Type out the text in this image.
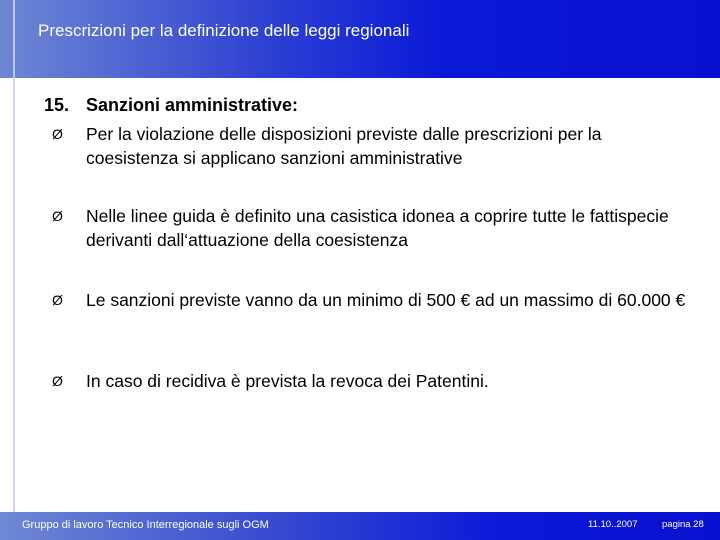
Prescrizioni per la definizione delle leggi regionali
15. Sanzioni amministrative:
Ø Per la violazione delle disposizioni previste dalle prescrizioni per la coesistenza si applicano sanzioni amministrative
Ø Nelle linee guida è definito una casistica idonea a coprire tutte le fattispecie derivanti dall‘attuazione della coesistenza
Ø Le sanzioni previste vanno da un minimo di 500 € ad un massimo di 60.000 €
Ø In caso di recidiva è prevista la revoca dei Patentini.
Gruppo di lavoro Tecnico Interregionale sugli OGM	11.10..2007	pagina 28
